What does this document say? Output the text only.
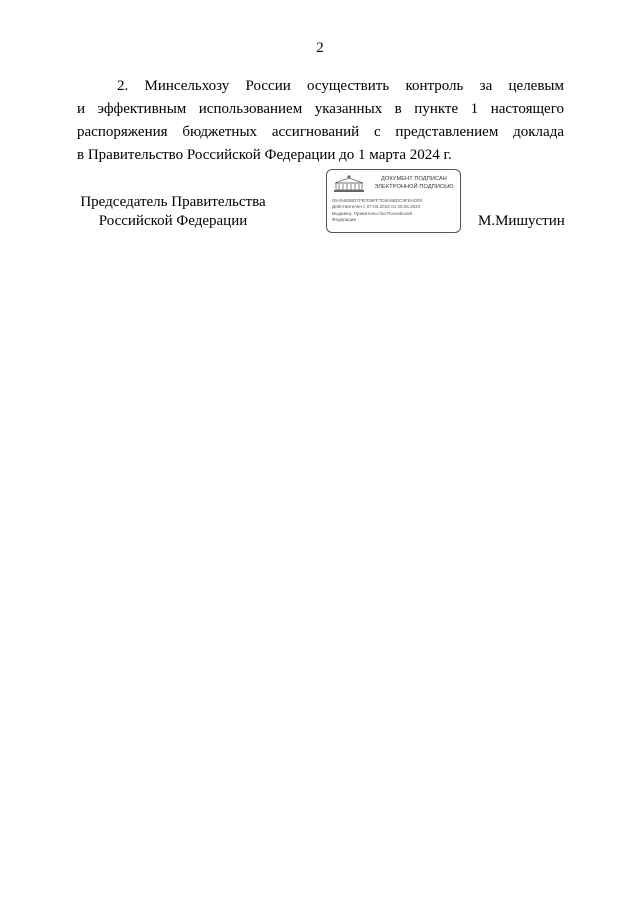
2

2. Минсельхозу России осуществить контроль за целевым
и эффективным использованием указанных в пункте 1 настоящего
распоряжения бюджетных ассигнований с представлением доклада
в Правительство Российской Федерации до 1 марта 2024 г.

Председатель Правительства
Российской Федерации
ДОКУМЕНТ ПОДПИСАН
ЭЛЕКТРОННОЙ ПОДПИСЬЮ
00A54606D7FB7D9FF7D9A6BDC9FEA0D0
Действителен с 07.03.2023 по 30.05.2024
Выдавец: Правительство Российской
Федерации	М.Мишустин
